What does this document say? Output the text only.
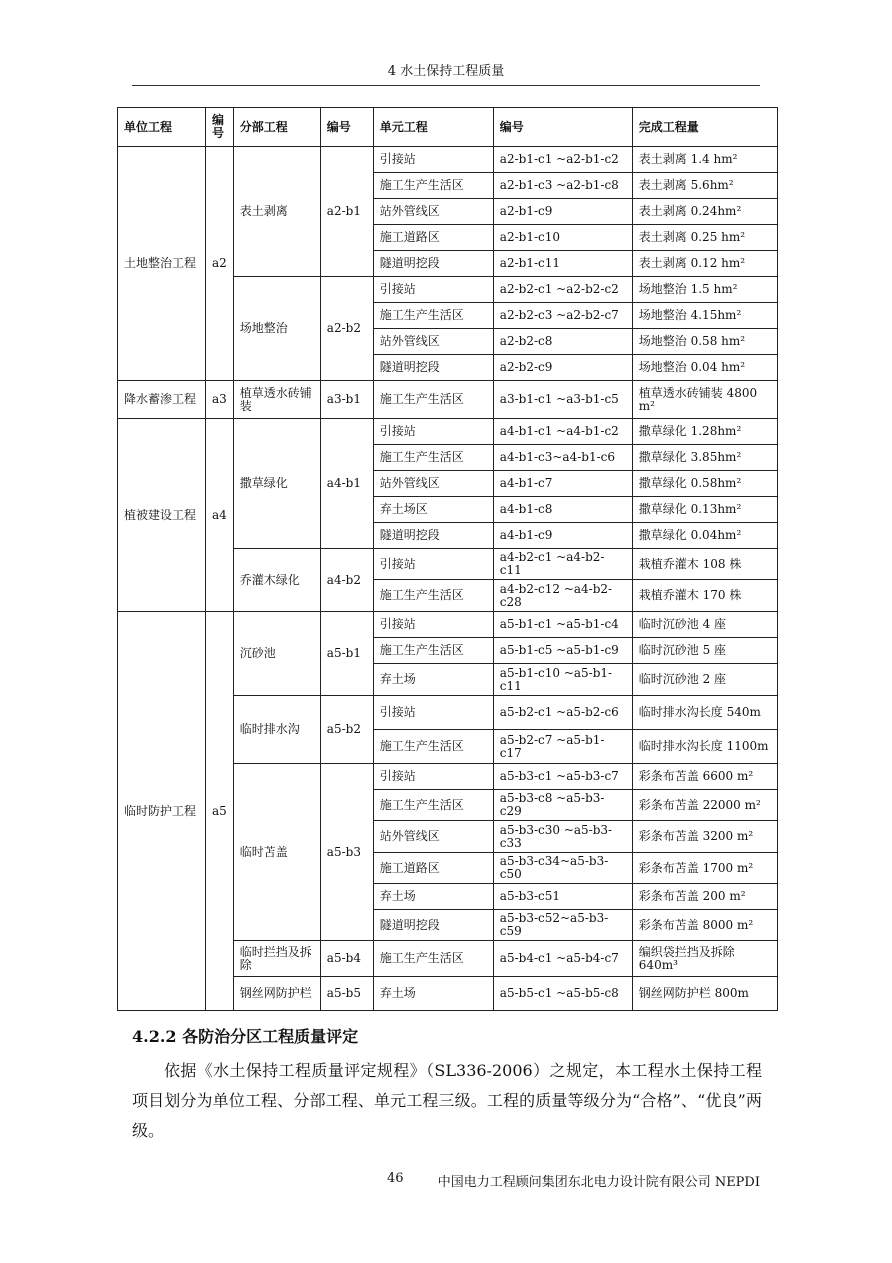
4 水土保持工程质量
单位工程	编号	分部工程	编号	单元工程	编号	完成工程量
土地整治工程	a2	表土剥离	a2-b1	引接站	a2-b1-c1 ~a2-b1-c2	表土剥离 1.4 hm²
				施工生产生活区	a2-b1-c3 ~a2-b1-c8	表土剥离 5.6hm²
				站外管线区	a2-b1-c9	表土剥离 0.24hm²
				施工道路区	a2-b1-c10	表土剥离 0.25 hm²
				隧道明挖段	a2-b1-c11	表土剥离 0.12 hm²
		场地整治	a2-b2	引接站	a2-b2-c1 ~a2-b2-c2	场地整治 1.5 hm²
				施工生产生活区	a2-b2-c3 ~a2-b2-c7	场地整治 4.15hm²
				站外管线区	a2-b2-c8	场地整治 0.58 hm²
				隧道明挖段	a2-b2-c9	场地整治 0.04 hm²
降水蓄渗工程	a3	植草透水砖铺装	a3-b1	施工生产生活区	a3-b1-c1 ~a3-b1-c5	植草透水砖铺装 4800 m²
植被建设工程	a4	撒草绿化	a4-b1	引接站	a4-b1-c1 ~a4-b1-c2	撒草绿化 1.28hm²
				施工生产生活区	a4-b1-c3~a4-b1-c6	撒草绿化 3.85hm²
				站外管线区	a4-b1-c7	撒草绿化 0.58hm²
				弃土场区	a4-b1-c8	撒草绿化 0.13hm²
				隧道明挖段	a4-b1-c9	撒草绿化 0.04hm²
		乔灌木绿化	a4-b2	引接站	a4-b2-c1 ~a4-b2-c11	栽植乔灌木 108 株
				施工生产生活区	a4-b2-c12 ~a4-b2-c28	栽植乔灌木 170 株
临时防护工程	a5	沉砂池	a5-b1	引接站	a5-b1-c1 ~a5-b1-c4	临时沉砂池 4 座
				施工生产生活区	a5-b1-c5 ~a5-b1-c9	临时沉砂池 5 座
				弃土场	a5-b1-c10 ~a5-b1-c11	临时沉砂池 2 座
		临时排水沟	a5-b2	引接站	a5-b2-c1 ~a5-b2-c6	临时排水沟长度 540m
				施工生产生活区	a5-b2-c7 ~a5-b1-c17	临时排水沟长度 1100m
		临时苫盖	a5-b3	引接站	a5-b3-c1 ~a5-b3-c7	彩条布苫盖 6600 m²
				施工生产生活区	a5-b3-c8 ~a5-b3-c29	彩条布苫盖 22000 m²
				站外管线区	a5-b3-c30 ~a5-b3-c33	彩条布苫盖 3200 m²
				施工道路区	a5-b3-c34~a5-b3-c50	彩条布苫盖 1700 m²
				弃土场	a5-b3-c51	彩条布苫盖 200 m²
				隧道明挖段	a5-b3-c52~a5-b3-c59	彩条布苫盖 8000 m²
		临时拦挡及拆除	a5-b4	施工生产生活区	a5-b4-c1 ~a5-b4-c7	编织袋拦挡及拆除 640m³
		钢丝网防护栏	a5-b5	弃土场	a5-b5-c1 ~a5-b5-c8	钢丝网防护栏 800m
4.2.2 各防治分区工程质量评定
依据《水土保持工程质量评定规程》（SL336-2006）之规定，本工程水土保持工程项目划分为单位工程、分部工程、单元工程三级。工程的质量等级分为“合格”、“优良”两级。
46	中国电力工程顾问集团东北电力设计院有限公司 NEPDI
